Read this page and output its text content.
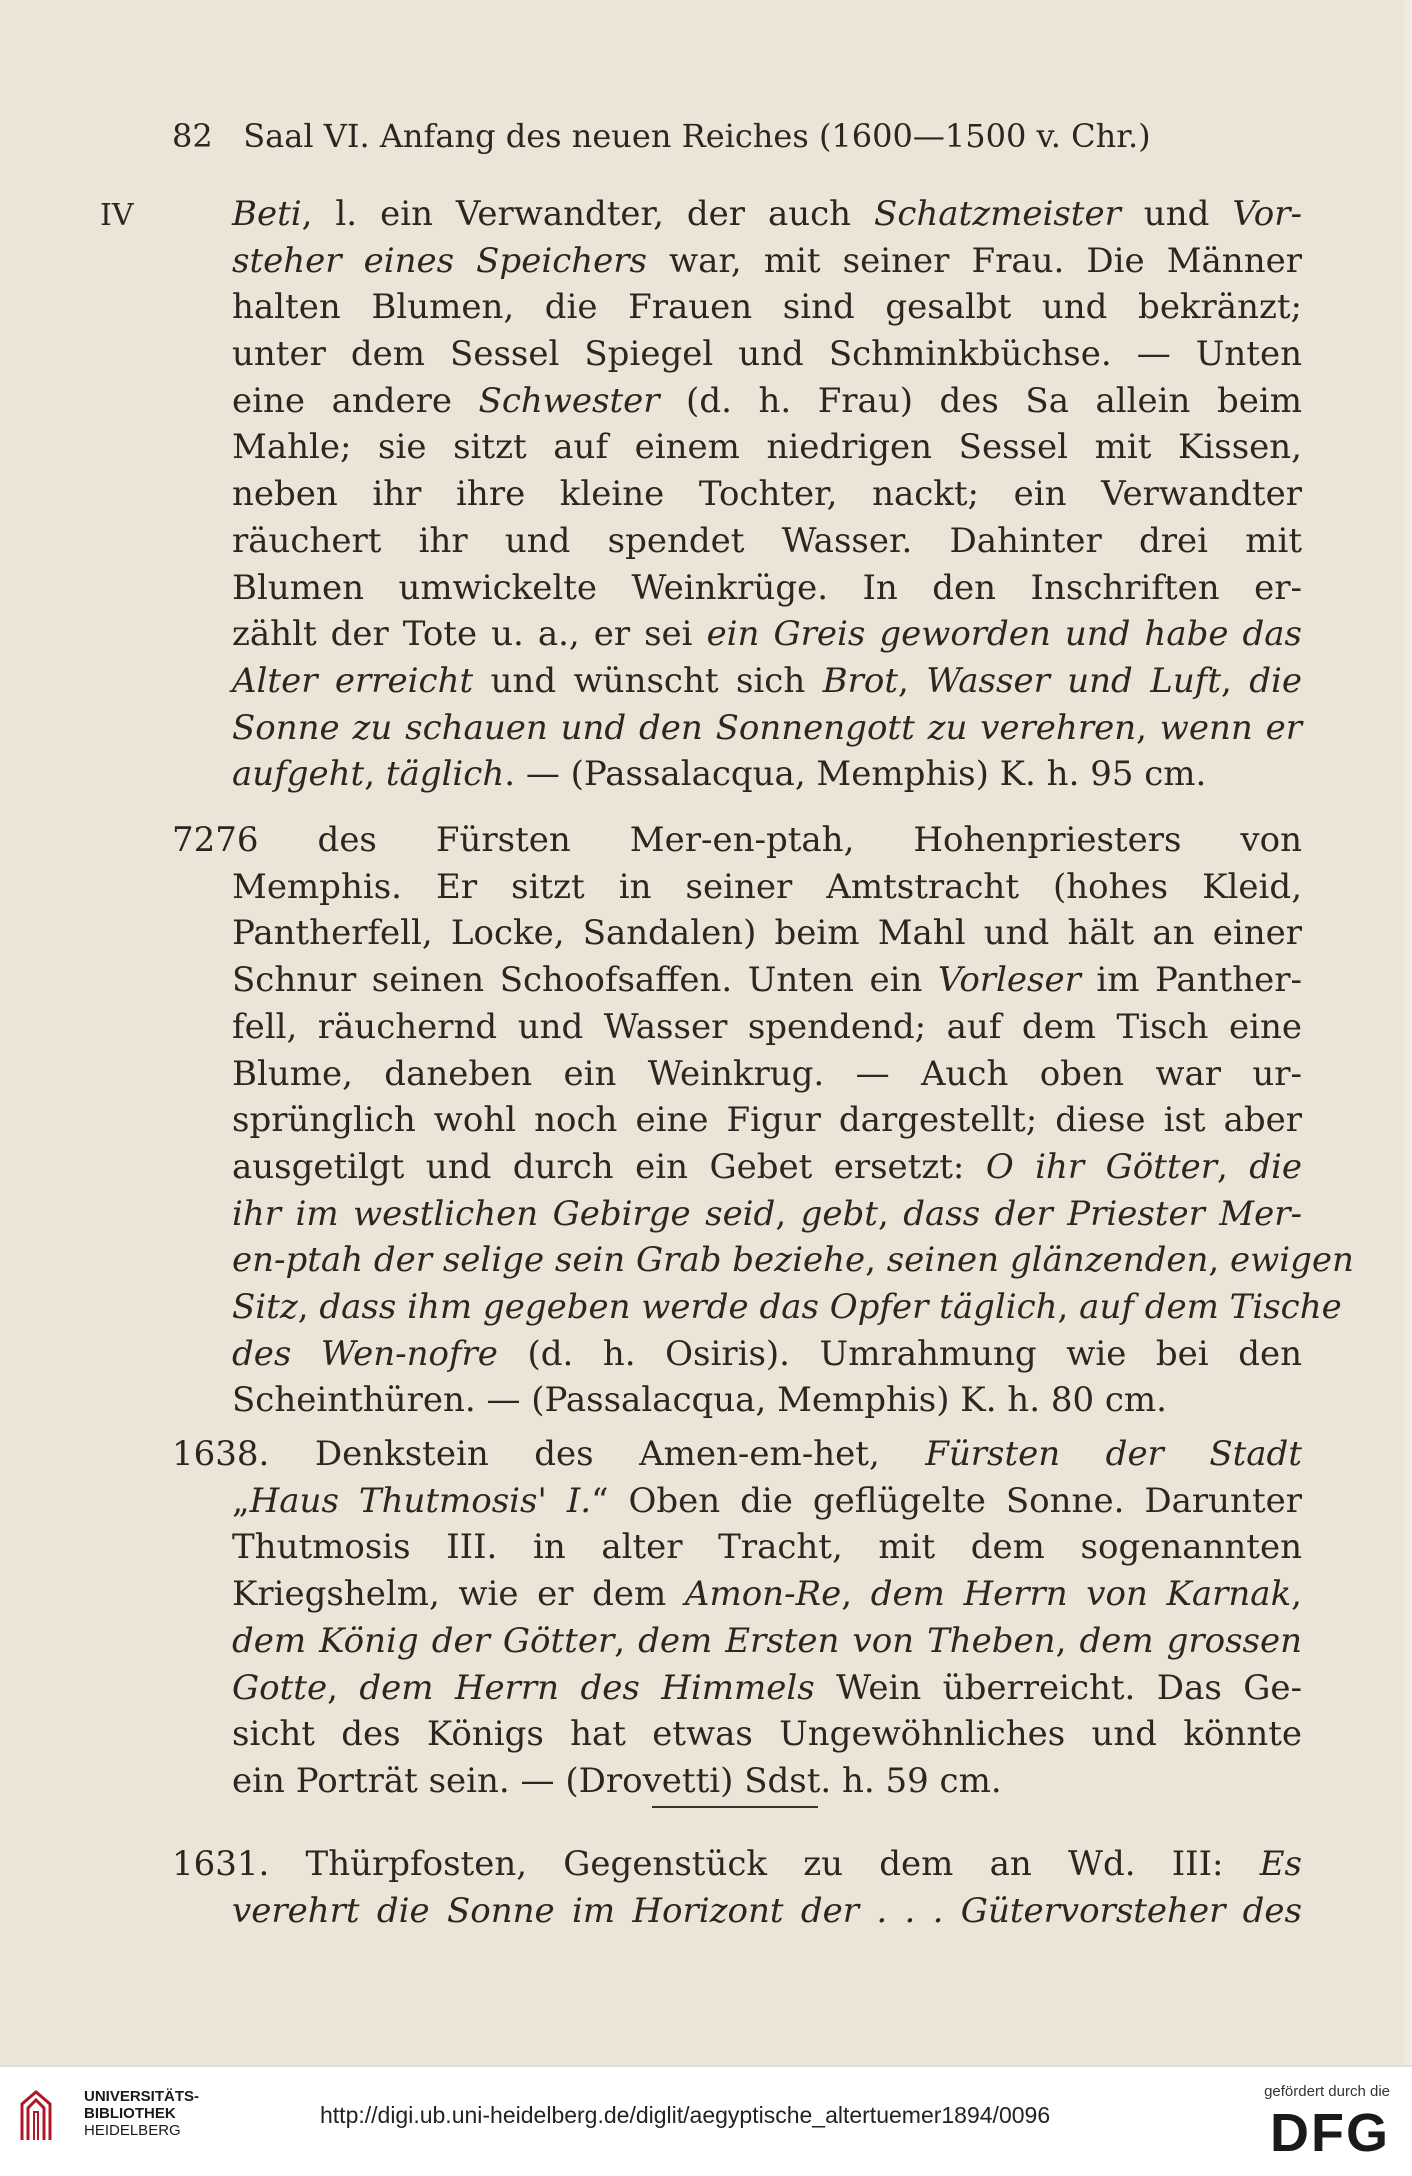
82 Saal VI. Anfang des neuen Reiches (1600—1500 v. Chr.)
IV	Beti, l. ein Verwandter, der auch Schatzmeister und Vor-
steher eines Speichers war, mit seiner Frau. Die Männer
halten Blumen, die Frauen sind gesalbt und bekränzt;
unter dem Sessel Spiegel und Schminkbüchse. — Unten
eine andere Schwester (d. h. Frau) des Sa allein beim
Mahle; sie sitzt auf einem niedrigen Sessel mit Kissen,
neben ihr ihre kleine Tochter, nackt; ein Verwandter
räuchert ihr und spendet Wasser. Dahinter drei mit
Blumen umwickelte Weinkrüge. In den Inschriften er-
zählt der Tote u. a., er sei ein Greis geworden und habe das
Alter erreicht und wünscht sich Brot, Wasser und Luft, die
Sonne zu schauen und den Sonnengott zu verehren, wenn er
aufgeht, täglich. — (Passalacqua, Memphis) K. h. 95 cm.
7276 des Fürsten Mer-en-ptah, Hohenpriesters von
Memphis. Er sitzt in seiner Amtstracht (hohes Kleid,
Pantherfell, Locke, Sandalen) beim Mahl und hält an einer
Schnur seinen Schoofsaffen. Unten ein Vorleser im Panther-
fell, räuchernd und Wasser spendend; auf dem Tisch eine
Blume, daneben ein Weinkrug. — Auch oben war ur-
sprünglich wohl noch eine Figur dargestellt; diese ist aber
ausgetilgt und durch ein Gebet ersetzt: O ihr Götter, die
ihr im westlichen Gebirge seid, gebt, dass der Priester Mer-
en-ptah der selige sein Grab beziehe, seinen glänzenden, ewigen
Sitz, dass ihm gegeben werde das Opfer täglich, auf dem Tische
des Wen-nofre (d. h. Osiris). Umrahmung wie bei den
Scheinthüren. — (Passalacqua, Memphis) K. h. 80 cm.
1638. Denkstein des Amen-em-het, Fürsten der Stadt
„Haus Thutmosis' I.“ Oben die geflügelte Sonne. Darunter
Thutmosis III. in alter Tracht, mit dem sogenannten
Kriegshelm, wie er dem Amon-Re, dem Herrn von Karnak,
dem König der Götter, dem Ersten von Theben, dem grossen
Gotte, dem Herrn des Himmels Wein überreicht. Das Ge-
sicht des Königs hat etwas Ungewöhnliches und könnte
ein Porträt sein. — (Drovetti) Sdst. h. 59 cm.
1631. Thürpfosten, Gegenstück zu dem an Wd. III: Es
verehrt die Sonne im Horizont der . . . Gütervorsteher des
UNIVERSITÄTS-
BIBLIOTHEK
HEIDELBERG
http://digi.ub.uni-heidelberg.de/diglit/aegyptische_altertuemer1894/0096
gefördert durch die
DFG
